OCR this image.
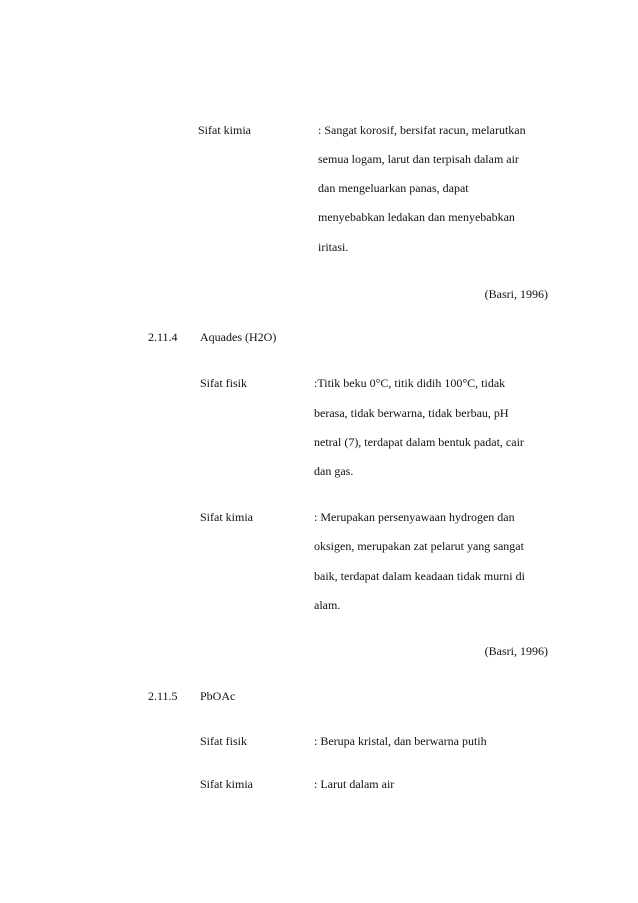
Sifat kimia	: Sangat korosif, bersifat racun, melarutkan
semua logam, larut dan terpisah dalam air
dan mengeluarkan panas, dapat
menyebabkan ledakan dan menyebabkan
iritasi.
(Basri, 1996)
2.11.4 Aquades (H2O)
Sifat fisik	:Titik beku 0°C, titik didih 100°C, tidak
berasa, tidak berwarna, tidak berbau, pH
netral (7), terdapat dalam bentuk padat, cair
dan gas.
Sifat kimia	: Merupakan persenyawaan hydrogen dan
oksigen, merupakan zat pelarut yang sangat
baik, terdapat dalam keadaan tidak murni di
alam.
(Basri, 1996)
2.11.5 PbOAc
Sifat fisik	: Berupa kristal, dan berwarna putih
Sifat kimia	: Larut dalam air
